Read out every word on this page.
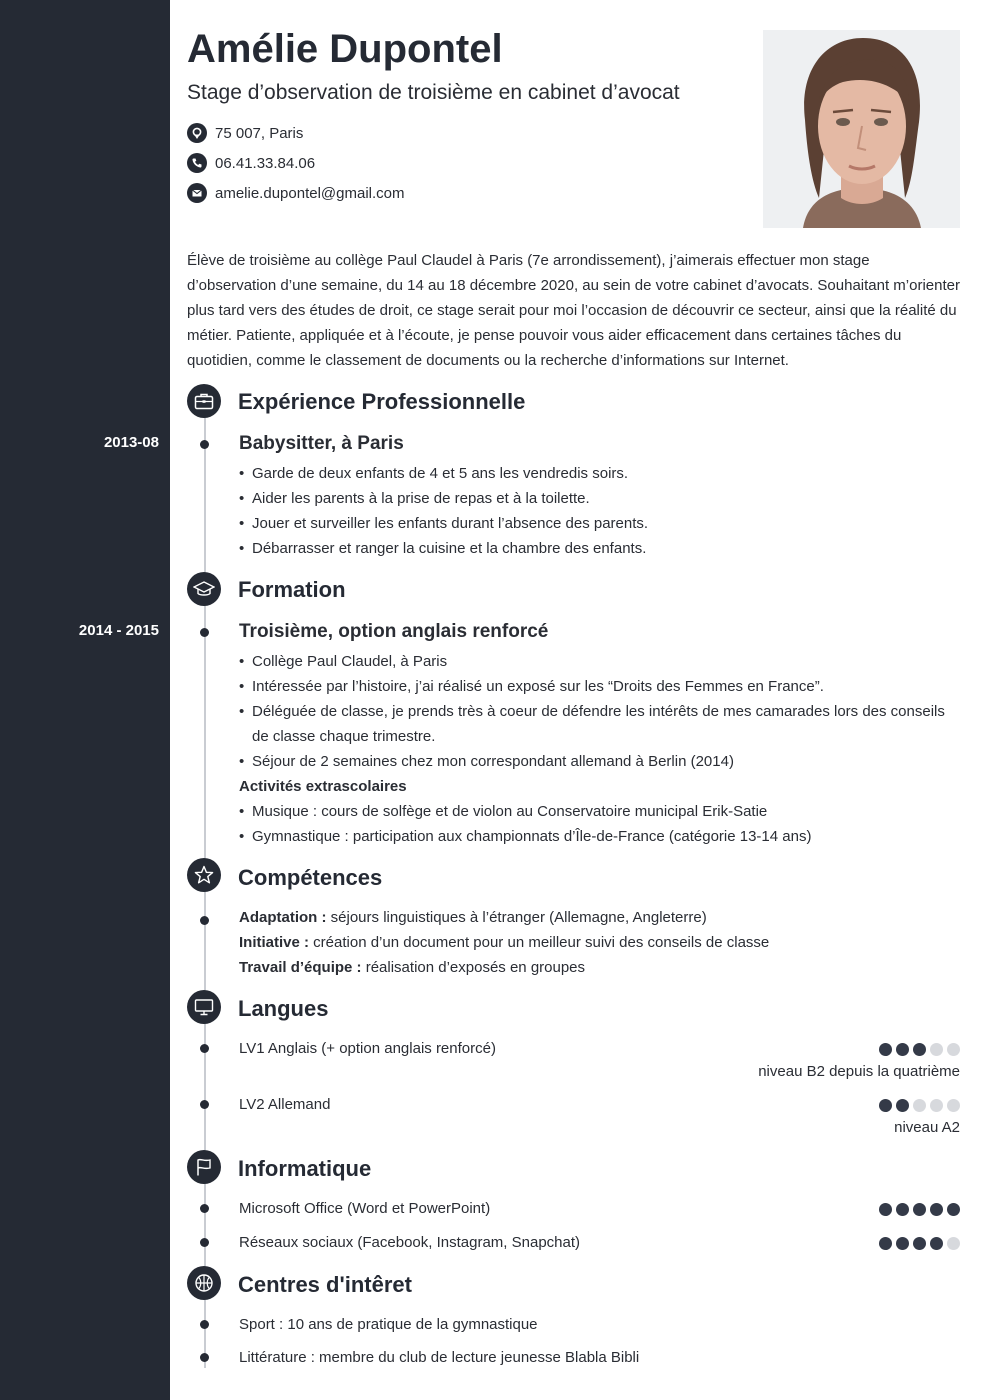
Amélie Dupontel
Stage d’observation de troisième en cabinet d’avocat
75 007, Paris
06.41.33.84.06
amelie.dupontel@gmail.com
Élève de troisième au collège Paul Claudel à Paris (7e arrondissement), j’aimerais effectuer mon stage d’observation d’une semaine, du 14 au 18 décembre 2020, au sein de votre cabinet d’avocats. Souhaitant m’orienter plus tard vers des études de droit, ce stage serait pour moi l’occasion de découvrir ce secteur, ainsi que la réalité du métier. Patiente, appliquée et à l’écoute, je pense pouvoir vous aider efficacement dans certaines tâches du quotidien, comme le classement de documents ou la recherche d’informations sur Internet.
Expérience Professionnelle
2013-08	Babysitter, à Paris
• Garde de deux enfants de 4 et 5 ans les vendredis soirs.
• Aider les parents à la prise de repas et à la toilette.
• Jouer et surveiller les enfants durant l’absence des parents.
• Débarrasser et ranger la cuisine et la chambre des enfants.
Formation
2014 - 2015	Troisième, option anglais renforcé
• Collège Paul Claudel, à Paris
• Intéressée par l’histoire, j’ai réalisé un exposé sur les “Droits des Femmes en France”.
• Déléguée de classe, je prends très à coeur de défendre les intérêts de mes camarades lors des conseils de classe chaque trimestre.
• Séjour de 2 semaines chez mon correspondant allemand à Berlin (2014)
Activités extrascolaires
• Musique : cours de solfège et de violon au Conservatoire municipal Erik-Satie
• Gymnastique : participation aux championnats d’Île-de-France (catégorie 13-14 ans)
Compétences
Adaptation : séjours linguistiques à l’étranger (Allemagne, Angleterre)
Initiative : création d’un document pour un meilleur suivi des conseils de classe
Travail d’équipe : réalisation d’exposés en groupes
Langues
LV1 Anglais (+ option anglais renforcé)
niveau B2 depuis la quatrième
LV2 Allemand
niveau A2
Informatique
Microsoft Office (Word et PowerPoint)
Réseaux sociaux (Facebook, Instagram, Snapchat)
Centres d'intêret
Sport : 10 ans de pratique de la gymnastique
Littérature : membre du club de lecture jeunesse Blabla Bibli
